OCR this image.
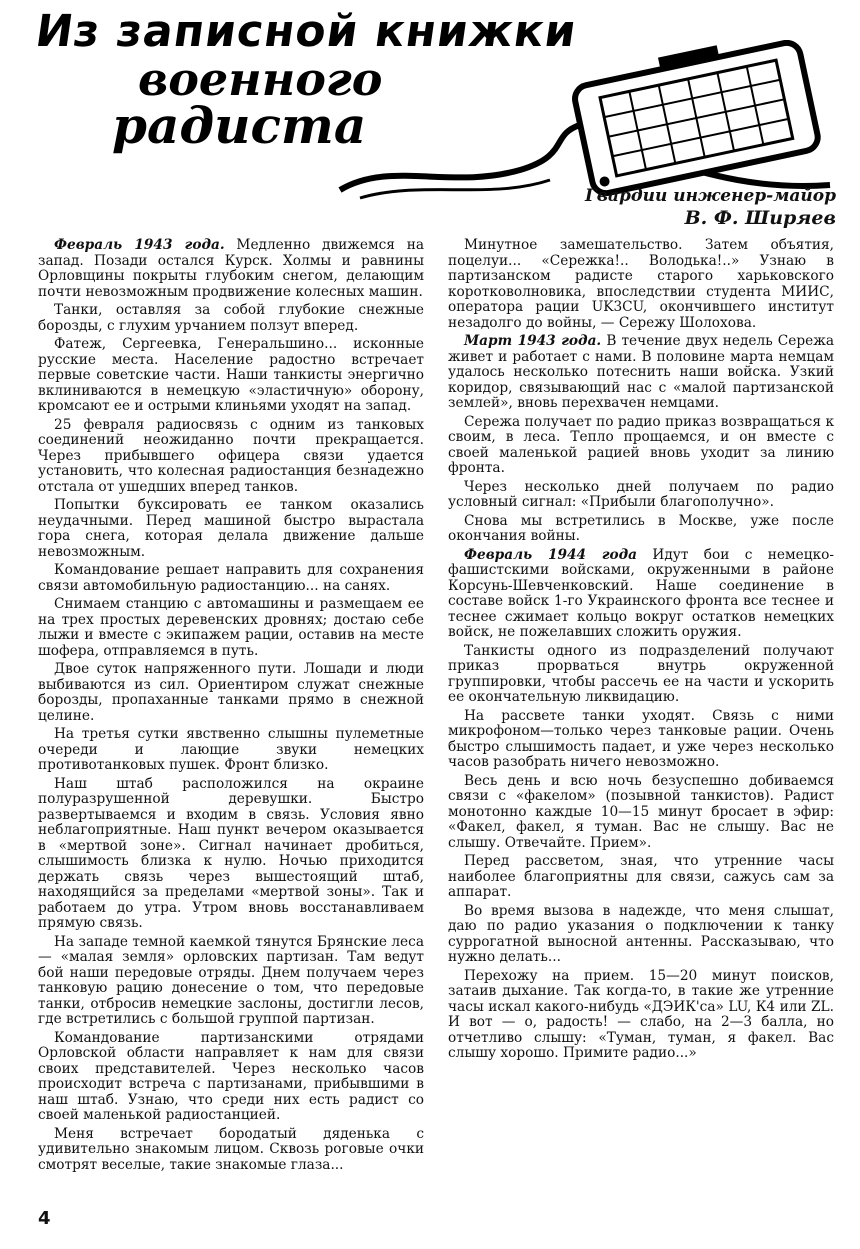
Из записной книжки
военного
радиста
Гвардии инженер-майор
В. Ф. Ширяев

Февраль 1943 года. Медленно движемся на запад. Позади остался Курск. Холмы и равнины Орловщины покрыты глубоким снегом, делающим почти невозможным продвижение колесных машин.

Танки, оставляя за собой глубокие снежные борозды, с глухим урчанием ползут вперед.

Фатеж, Сергеевка, Генеральшино... исконные русские места. Население радостно встречает первые советские части. Наши танкисты энергично вклиниваются в немецкую «эластичную» оборону, кромсают ее и острыми клиньями уходят на запад.

25 февраля радиосвязь с одним из танковых соединений неожиданно почти прекращается. Через прибывшего офицера связи удается установить, что колесная радиостанция безнадежно отстала от ушедших вперед танков.

Попытки буксировать ее танком оказались неудачными. Перед машиной быстро вырастала гора снега, которая делала движение дальше невозможным.

Командование решает направить для сохранения связи автомобильную радиостанцию... на санях.

Снимаем станцию с автомашины и размещаем ее на трех простых деревенских дровнях; достаю себе лыжи и вместе с экипажем рации, оставив на месте шофера, отправляемся в путь.

Двое суток напряженного пути. Лошади и люди выбиваются из сил. Ориентиром служат снежные борозды, пропаханные танками прямо в снежной целине.

На третья сутки явственно слышны пулеметные очереди и лающие звуки немецких противотанковых пушек. Фронт близко.

Наш штаб расположился на окраине полуразрушенной деревушки. Быстро развертываемся и входим в связь. Условия явно неблагоприятные. Наш пункт вечером оказывается в «мертвой зоне». Сигнал начинает дробиться, слышимость близка к нулю. Ночью приходится держать связь через вышестоящий штаб, находящийся за пределами «мертвой зоны». Так и работаем до утра. Утром вновь восстанавливаем прямую связь.

На западе темной каемкой тянутся Брянские леса — «малая земля» орловских партизан. Там ведут бой наши передовые отряды. Днем получаем через танковую рацию донесение о том, что передовые танки, отбросив немецкие заслоны, достигли лесов, где встретились с большой группой партизан.

Командование партизанскими отрядами Орловской области направляет к нам для связи своих представителей. Через несколько часов происходит встреча с партизанами, прибывшими в наш штаб. Узнаю, что среди них есть радист со своей маленькой радиостанцией.

Меня встречает бородатый дяденька с удивительно знакомым лицом. Сквозь роговые очки смотрят веселые, такие знакомые глаза...

Минутное замешательство. Затем объятия, поцелуи... «Сережка!.. Володька!..» Узнаю в партизанском радисте старого харьковского коротковолновика, впоследствии студента МИИС, оператора рации UK3CU, окончившего институт незадолго до войны, — Сережу Шолохова.

Март 1943 года. В течение двух недель Сережа живет и работает с нами. В половине марта немцам удалось несколько потеснить наши войска. Узкий коридор, связывающий нас с «малой партизанской землей», вновь перехвачен немцами.

Сережа получает по радио приказ возвращаться к своим, в леса. Тепло прощаемся, и он вместе с своей маленькой рацией вновь уходит за линию фронта.

Через несколько дней получаем по радио условный сигнал: «Прибыли благополучно».

Снова мы встретились в Москве, уже после окончания войны.

Февраль 1944 года Идут бои с немецко-фашистскими войсками, окруженными в районе Корсунь-Шевченковский. Наше соединение в составе войск 1-го Украинского фронта все теснее и теснее сжимает кольцо вокруг остатков немецких войск, не пожелавших сложить оружия.

Танкисты одного из подразделений получают приказ прорваться внутрь окруженной группировки, чтобы рассечь ее на части и ускорить ее окончательную ликвидацию.

На рассвете танки уходят. Связь с ними микрофоном—только через танковые рации. Очень быстро слышимость падает, и уже через несколько часов разобрать ничего невозможно.

Весь день и всю ночь безуспешно добиваемся связи с «факелом» (позывной танкистов). Радист монотонно каждые 10—15 минут бросает в эфир: «Факел, факел, я туман. Вас не слышу. Вас не слышу. Отвечайте. Прием».

Перед рассветом, зная, что утренние часы наиболее благоприятны для связи, сажусь сам за аппарат.

Во время вызова в надежде, что меня слышат, даю по радио указания о подключении к танку суррогатной выносной антенны. Рассказываю, что нужно делать...

Перехожу на прием. 15—20 минут поисков, затаив дыхание. Так когда-то, в такие же утренние часы искал какого-нибудь «ДЭИК'са» LU, К4 или ZL. И вот — о, радость! — слабо, на 2—3 балла, но отчетливо слышу: «Туман, туман, я факел. Вас слышу хорошо. Примите радио...»

4
